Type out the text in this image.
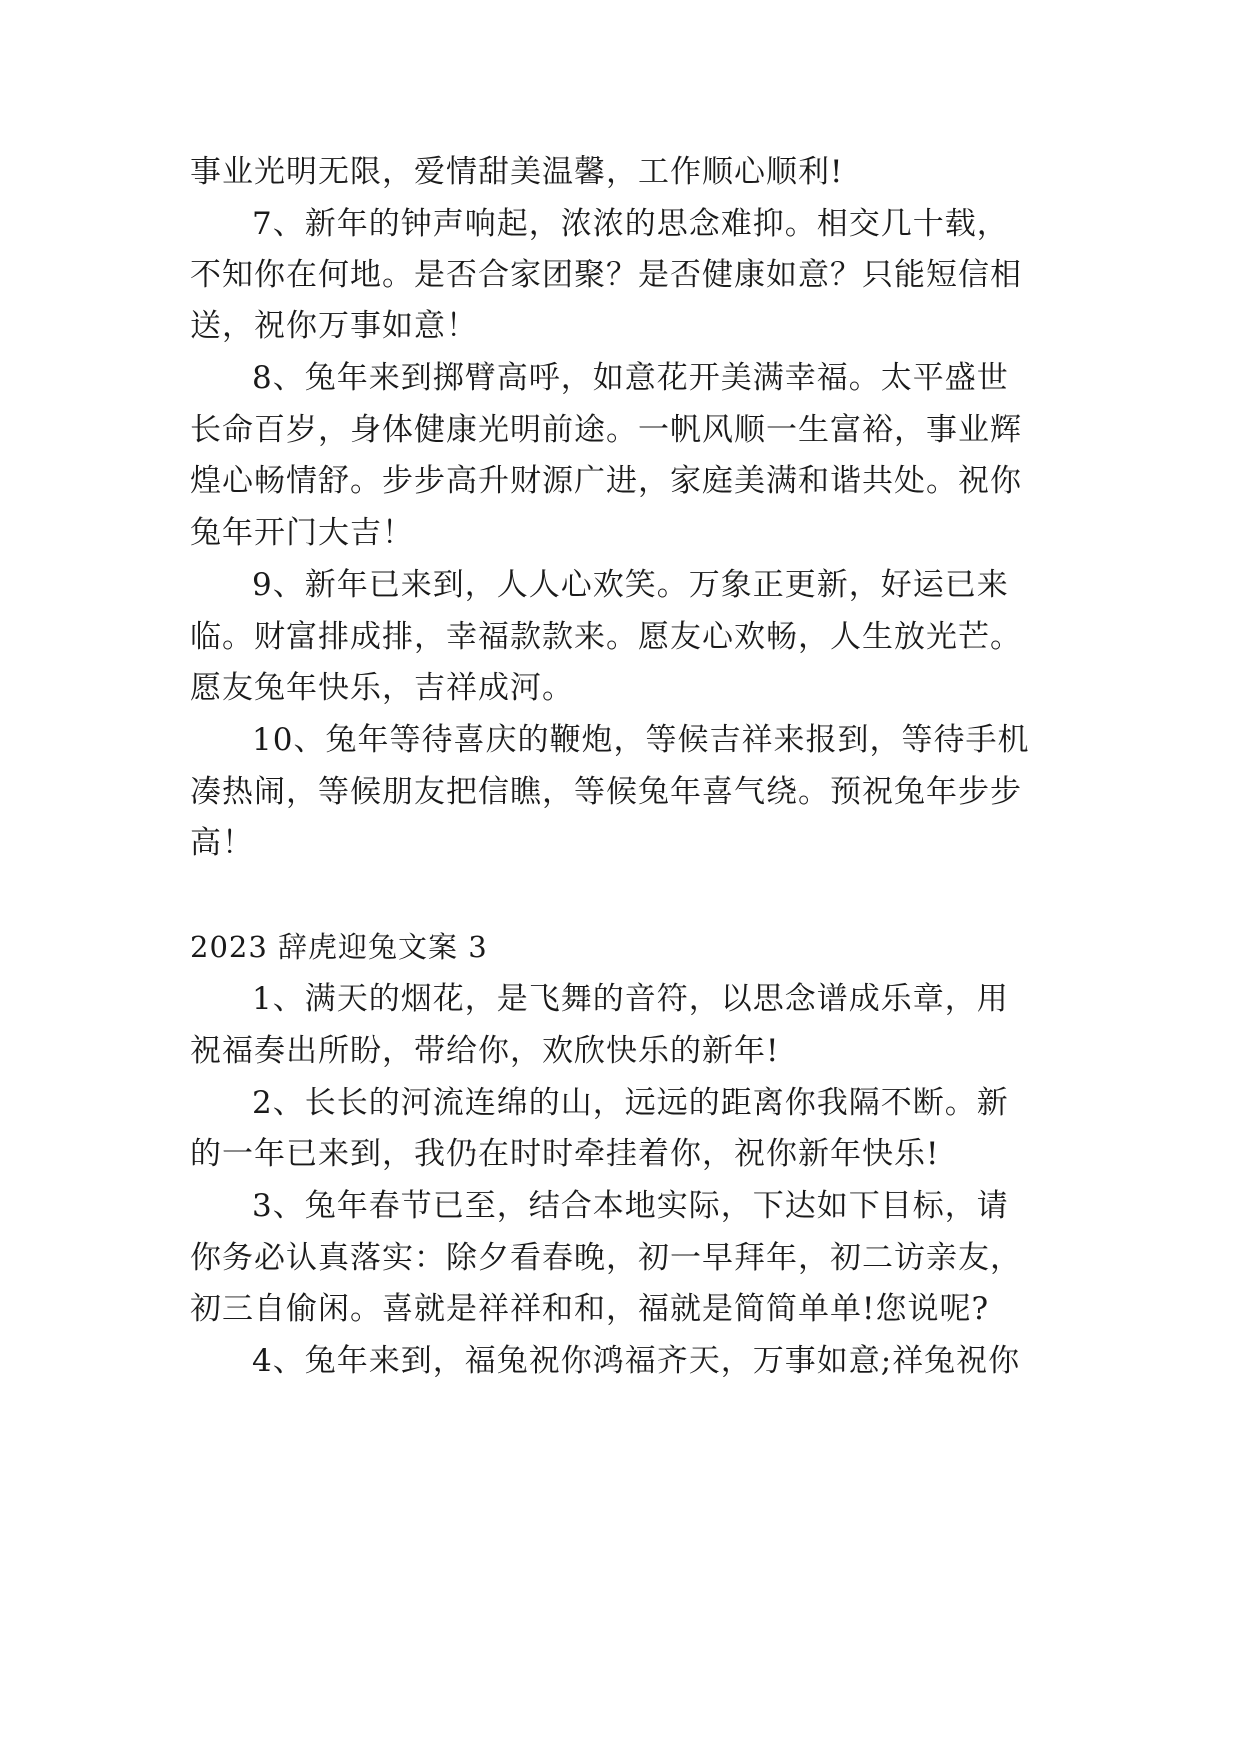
事业光明无限，爱情甜美温馨，工作顺心顺利!
7、新年的钟声响起，浓浓的思念难抑。相交几十载，
不知你在何地。是否合家团聚？是否健康如意？只能短信相
送，祝你万事如意！
8、兔年来到掷臂高呼，如意花开美满幸福。太平盛世
长命百岁，身体健康光明前途。一帆风顺一生富裕，事业辉
煌心畅情舒。步步高升财源广进，家庭美满和谐共处。祝你
兔年开门大吉！
9、新年已来到，人人心欢笑。万象正更新，好运已来
临。财富排成排，幸福款款来。愿友心欢畅，人生放光芒。
愿友兔年快乐，吉祥成河。
10、兔年等待喜庆的鞭炮，等候吉祥来报到，等待手机
凑热闹，等候朋友把信瞧，等候兔年喜气绕。预祝兔年步步
高！
2023 辞虎迎兔文案 3
1、满天的烟花，是飞舞的音符，以思念谱成乐章，用
祝福奏出所盼，带给你，欢欣快乐的新年!
2、长长的河流连绵的山，远远的距离你我隔不断。新
的一年已来到，我仍在时时牵挂着你，祝你新年快乐!
3、兔年春节已至，结合本地实际，下达如下目标，请
你务必认真落实：除夕看春晚，初一早拜年，初二访亲友，
初三自偷闲。喜就是祥祥和和，福就是简简单单!您说呢?
4、兔年来到，福兔祝你鸿福齐天，万事如意;祥兔祝你
